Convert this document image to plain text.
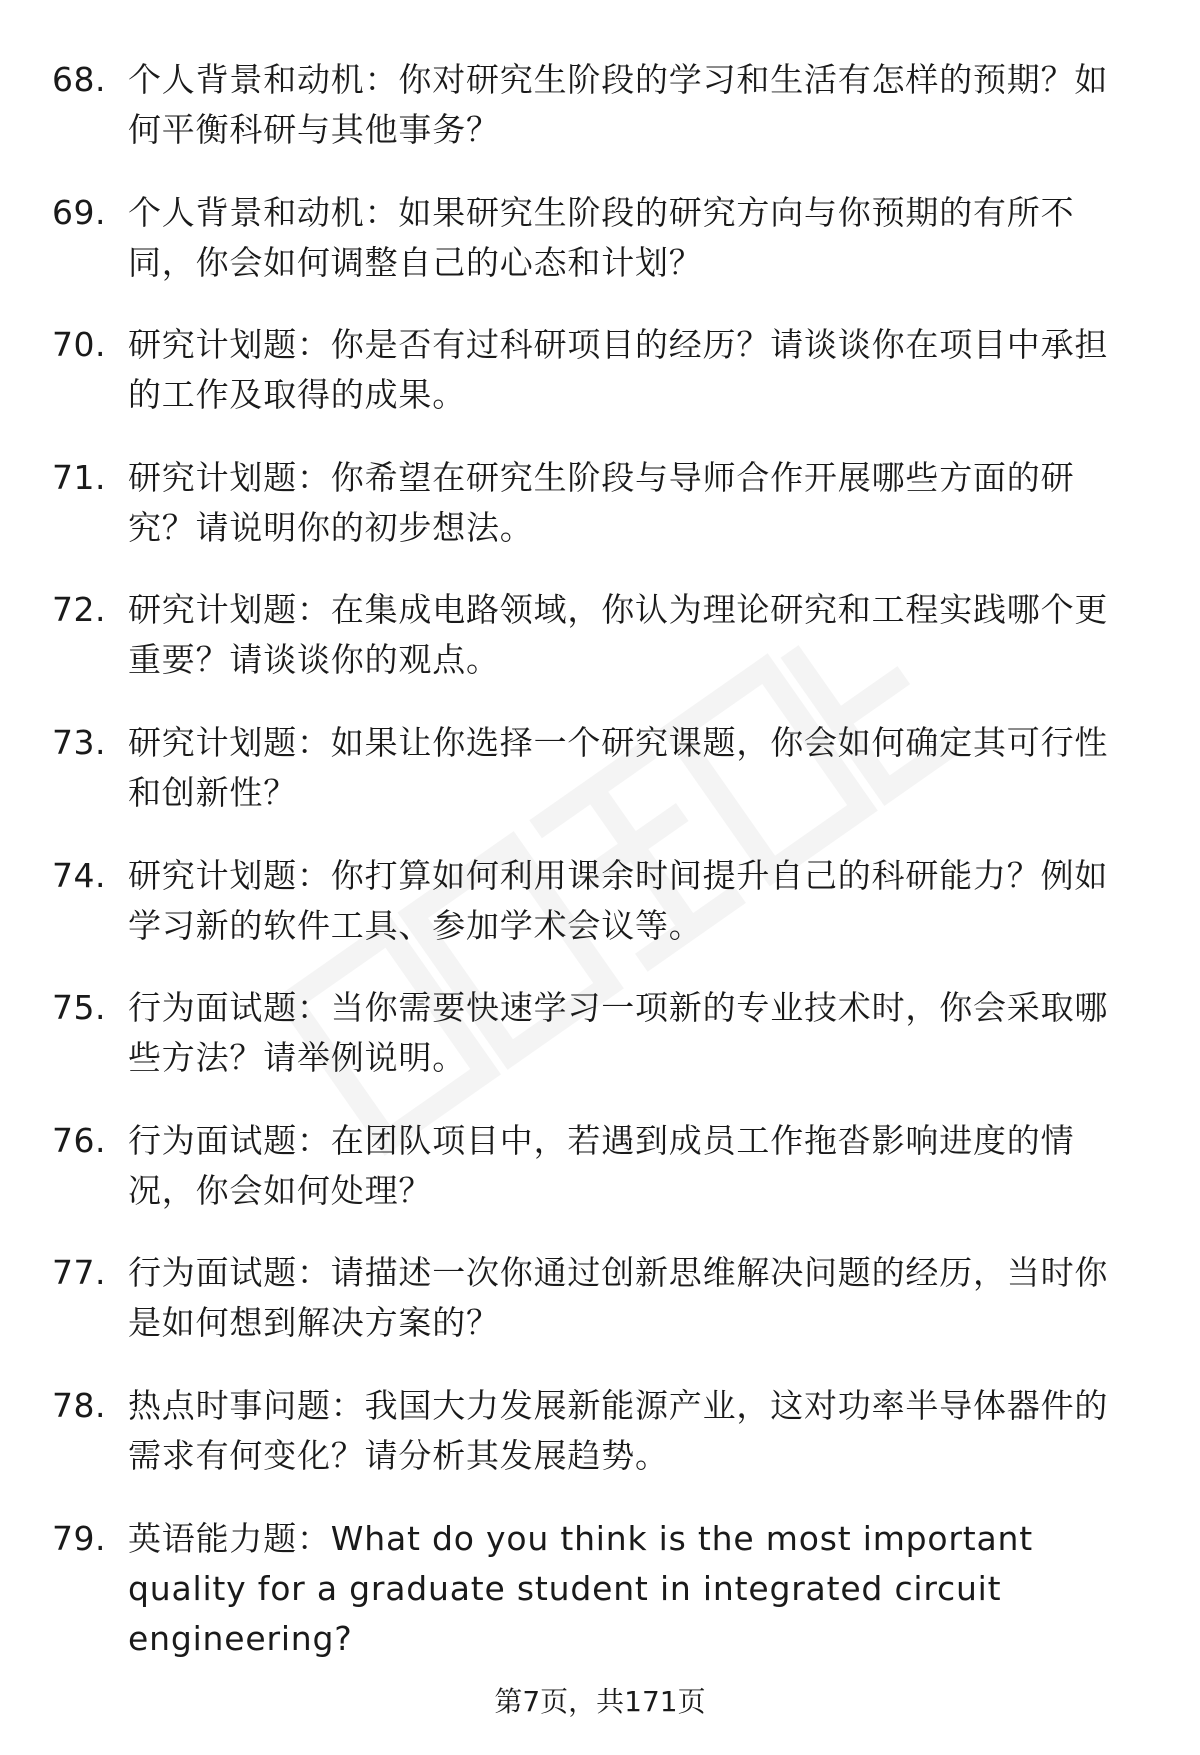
68. 个人背景和动机：你对研究生阶段的学习和生活有怎样的预期？如何平衡科研与其他事务？
69. 个人背景和动机：如果研究生阶段的研究方向与你预期的有所不同，你会如何调整自己的心态和计划？
70. 研究计划题：你是否有过科研项目的经历？请谈谈你在项目中承担的工作及取得的成果。
71. 研究计划题：你希望在研究生阶段与导师合作开展哪些方面的研究？请说明你的初步想法。
72. 研究计划题：在集成电路领域，你认为理论研究和工程实践哪个更重要？请谈谈你的观点。
73. 研究计划题：如果让你选择一个研究课题，你会如何确定其可行性和创新性？
74. 研究计划题：你打算如何利用课余时间提升自己的科研能力？例如学习新的软件工具、参加学术会议等。
75. 行为面试题：当你需要快速学习一项新的专业技术时，你会采取哪些方法？请举例说明。
76. 行为面试题：在团队项目中，若遇到成员工作拖沓影响进度的情况，你会如何处理？
77. 行为面试题：请描述一次你通过创新思维解决问题的经历，当时你是如何想到解决方案的？
78. 热点时事问题：我国大力发展新能源产业，这对功率半导体器件的需求有何变化？请分析其发展趋势。
79. 英语能力题：What do you think is the most important quality for a graduate student in integrated circuit engineering?
第7页，共171页
